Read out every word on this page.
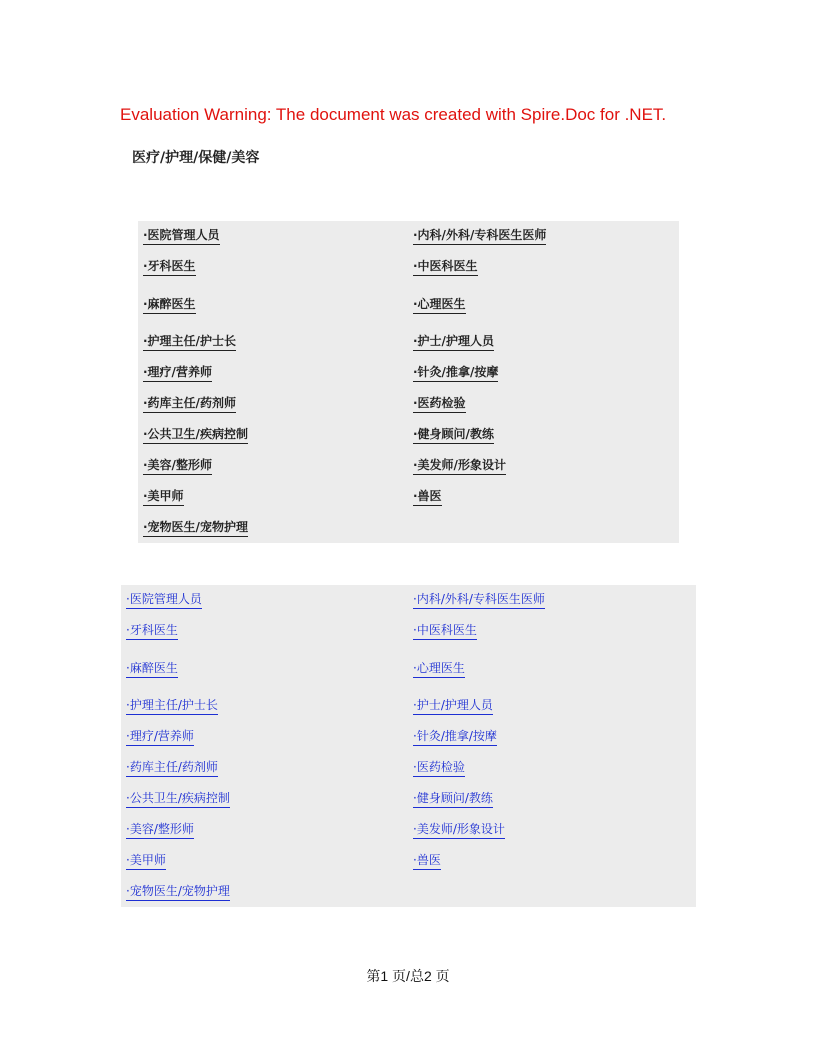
Evaluation Warning: The document was created with Spire.Doc for .NET.
医疗/护理/保健/美容
·医院管理人员	·内科/外科/专科医生医师
·牙科医生	·中医科医生
·麻醉医生	·心理医生
·护理主任/护士长	·护士/护理人员
·理疗/营养师	·针灸/推拿/按摩
·药库主任/药剂师	·医药检验
·公共卫生/疾病控制	·健身顾问/教练
·美容/整形师	·美发师/形象设计
·美甲师	·兽医
·宠物医生/宠物护理
·医院管理人员	·内科/外科/专科医生医师
·牙科医生	·中医科医生
·麻醉医生	·心理医生
·护理主任/护士长	·护士/护理人员
·理疗/营养师	·针灸/推拿/按摩
·药库主任/药剂师	·医药检验
·公共卫生/疾病控制	·健身顾问/教练
·美容/整形师	·美发师/形象设计
·美甲师	·兽医
·宠物医生/宠物护理
第1 页/总2 页
